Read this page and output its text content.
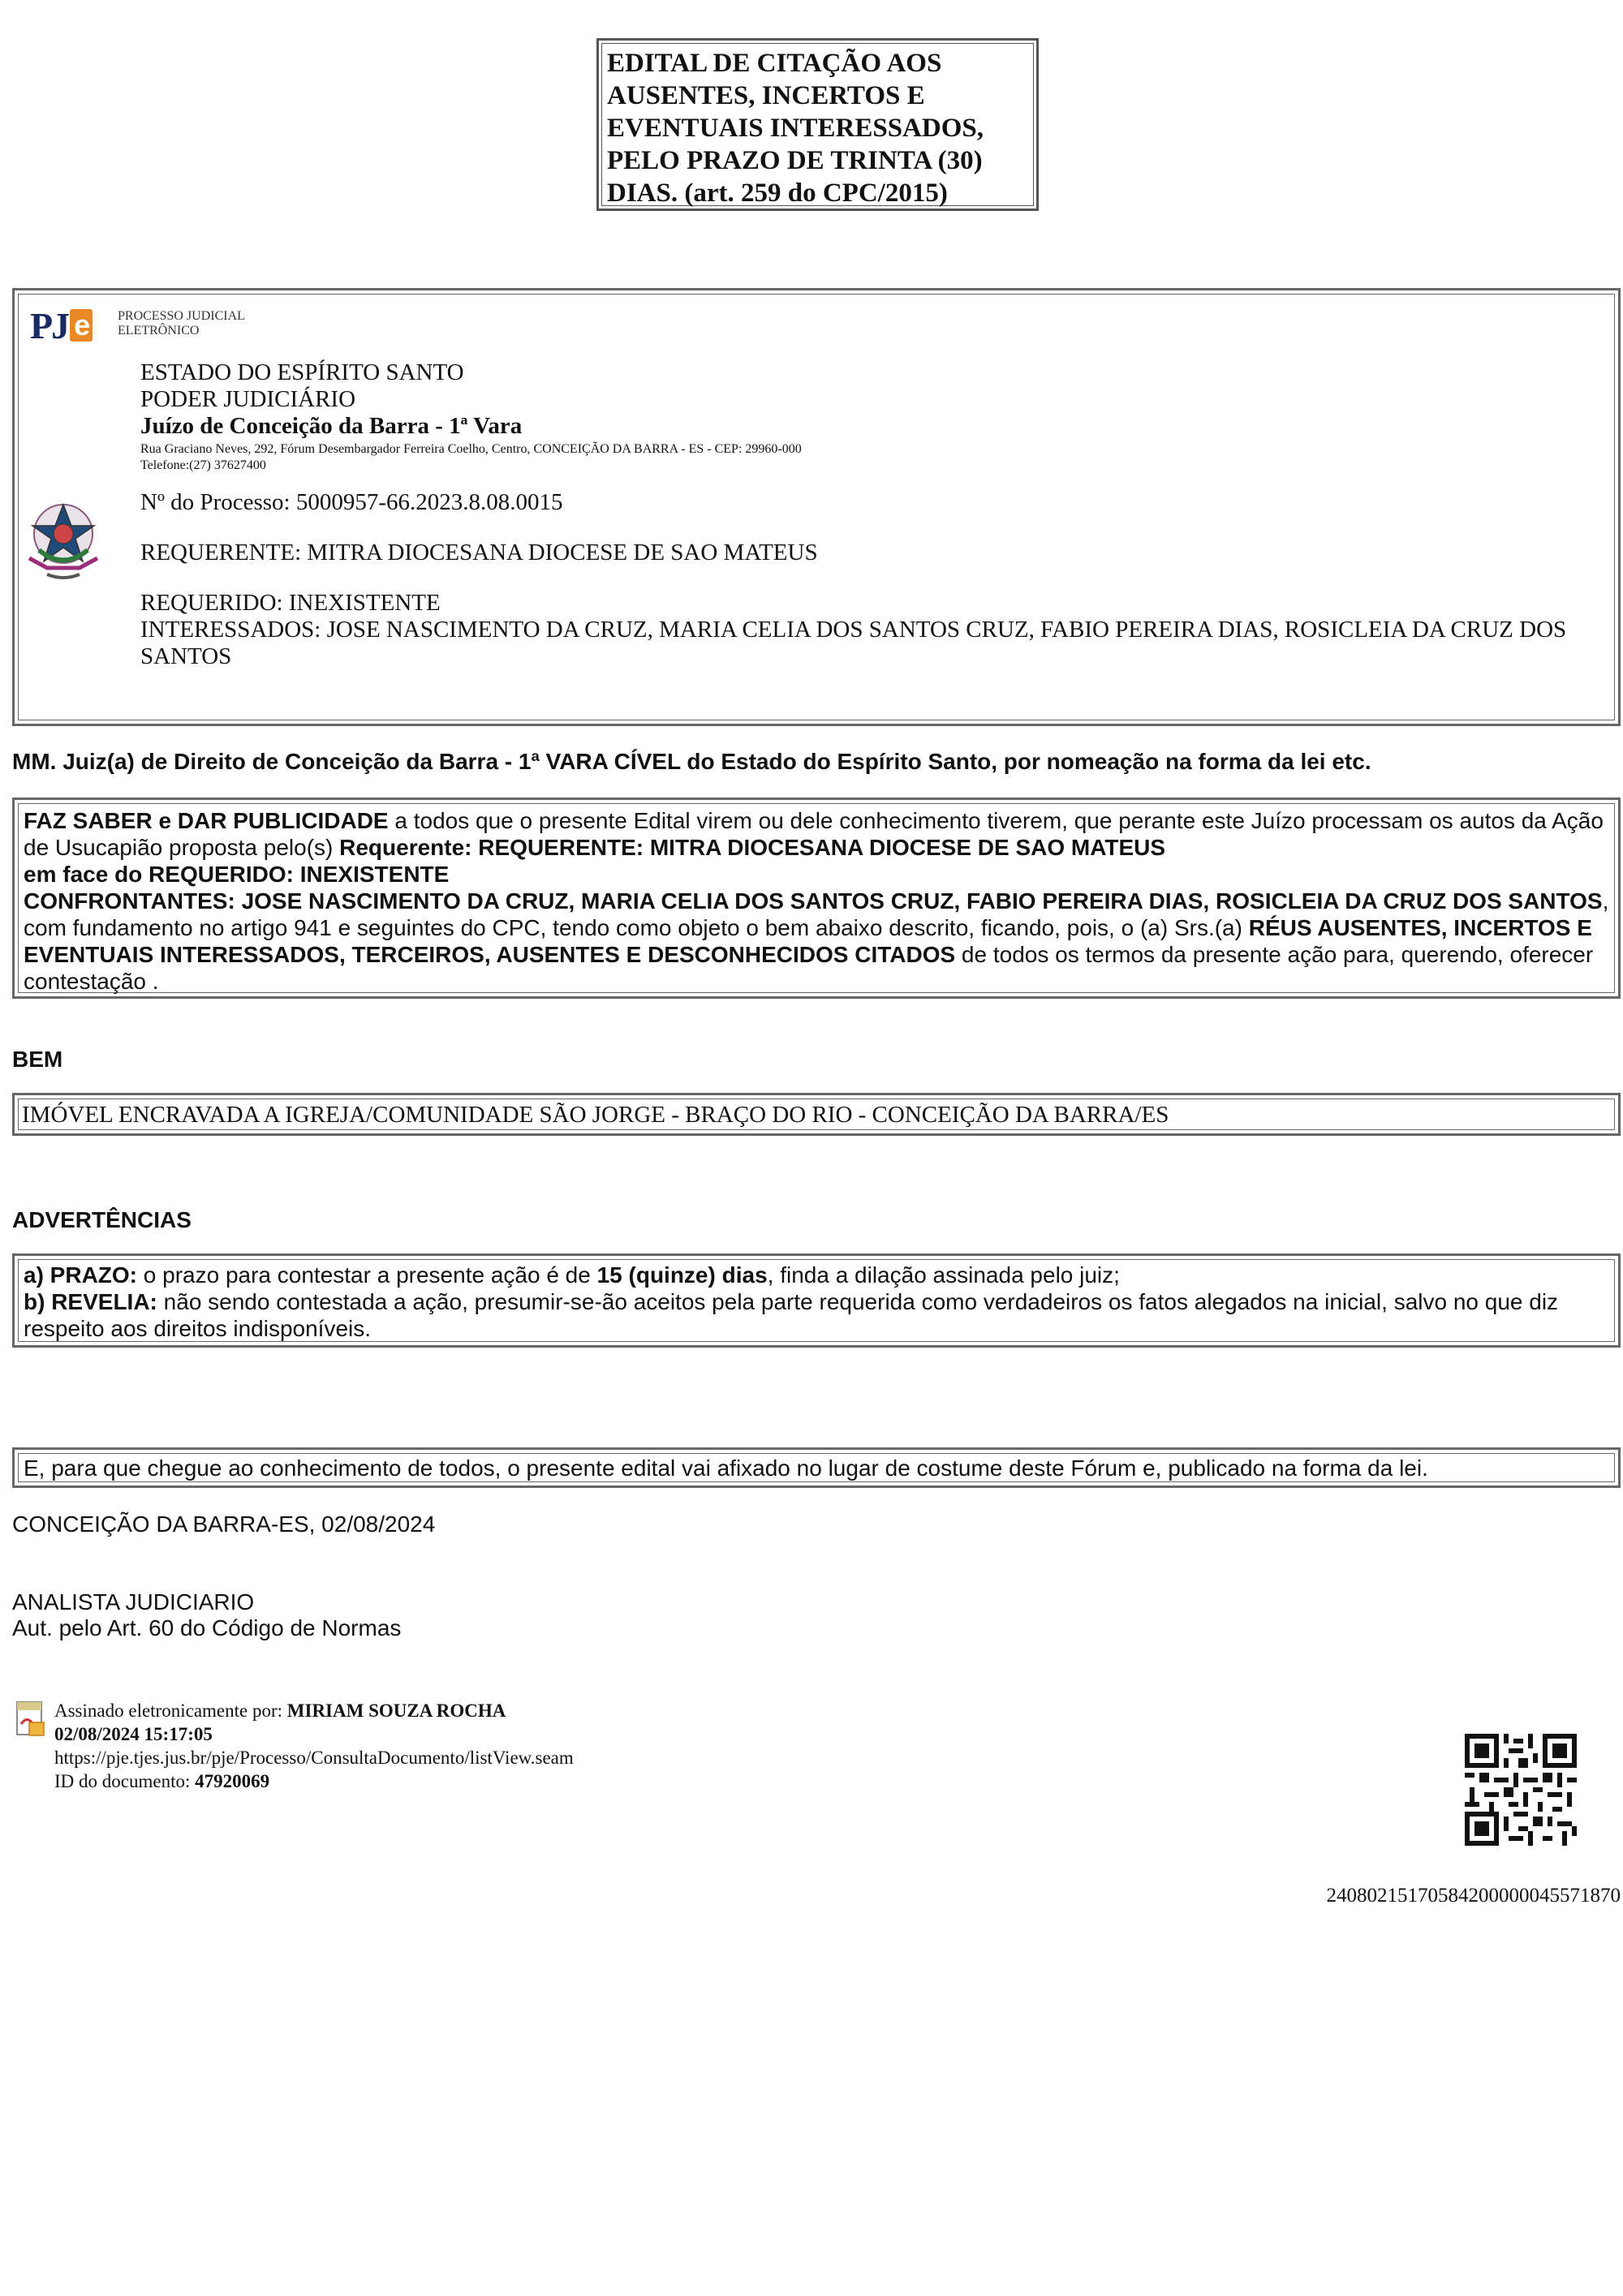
EDITAL DE CITAÇÃO AOS
AUSENTES, INCERTOS E
EVENTUAIS INTERESSADOS,
PELO PRAZO DE TRINTA (30)
DIAS. (art. 259 do CPC/2015)
PJ e	PROCESSO JUDICIAL
ELETRÔNICO
ESTADO DO ESPÍRITO SANTO
PODER JUDICIÁRIO
Juízo de Conceição da Barra - 1ª Vara
Rua Graciano Neves, 292, Fórum Desembargador Ferreira Coelho, Centro, CONCEIÇÃO DA BARRA - ES - CEP: 29960-000
Telefone:(27) 37627400
Nº do Processo: 5000957-66.2023.8.08.0015
REQUERENTE: MITRA DIOCESANA DIOCESE DE SAO MATEUS
REQUERIDO: INEXISTENTE
INTERESSADOS: JOSE NASCIMENTO DA CRUZ, MARIA CELIA DOS SANTOS CRUZ, FABIO PEREIRA DIAS, ROSICLEIA DA CRUZ DOS SANTOS
MM. Juiz(a) de Direito de Conceição da Barra - 1ª VARA CÍVEL do Estado do Espírito Santo, por nomeação na forma da lei etc.
FAZ SABER e DAR PUBLICIDADE a todos que o presente Edital virem ou dele conhecimento tiverem, que perante este Juízo processam os autos da Ação de Usucapião proposta pelo(s) Requerente: REQUERENTE: MITRA DIOCESANA DIOCESE DE SAO MATEUS
em face do REQUERIDO: INEXISTENTE
CONFRONTANTES: JOSE NASCIMENTO DA CRUZ, MARIA CELIA DOS SANTOS CRUZ, FABIO PEREIRA DIAS, ROSICLEIA DA CRUZ DOS SANTOS, com fundamento no artigo 941 e seguintes do CPC, tendo como objeto o bem abaixo descrito, ficando, pois, o (a) Srs.(a) RÉUS AUSENTES, INCERTOS E EVENTUAIS INTERESSADOS, TERCEIROS, AUSENTES E DESCONHECIDOS CITADOS de todos os termos da presente ação para, querendo, oferecer contestação .
BEM
IMÓVEL ENCRAVADA A IGREJA/COMUNIDADE SÃO JORGE - BRAÇO DO RIO - CONCEIÇÃO DA BARRA/ES
ADVERTÊNCIAS
a) PRAZO: o prazo para contestar a presente ação é de 15 (quinze) dias, finda a dilação assinada pelo juiz;
b) REVELIA: não sendo contestada a ação, presumir-se-ão aceitos pela parte requerida como verdadeiros os fatos alegados na inicial, salvo no que diz respeito aos direitos indisponíveis.
E, para que chegue ao conhecimento de todos, o presente edital vai afixado no lugar de costume deste Fórum e, publicado na forma da lei.
CONCEIÇÃO DA BARRA-ES, 02/08/2024
ANALISTA JUDICIARIO
Aut. pelo Art. 60 do Código de Normas
Assinado eletronicamente por: MIRIAM SOUZA ROCHA
02/08/2024 15:17:05
https://pje.tjes.jus.br/pje/Processo/ConsultaDocumento/listView.seam
ID do documento: 47920069
24080215170584200000045571870
